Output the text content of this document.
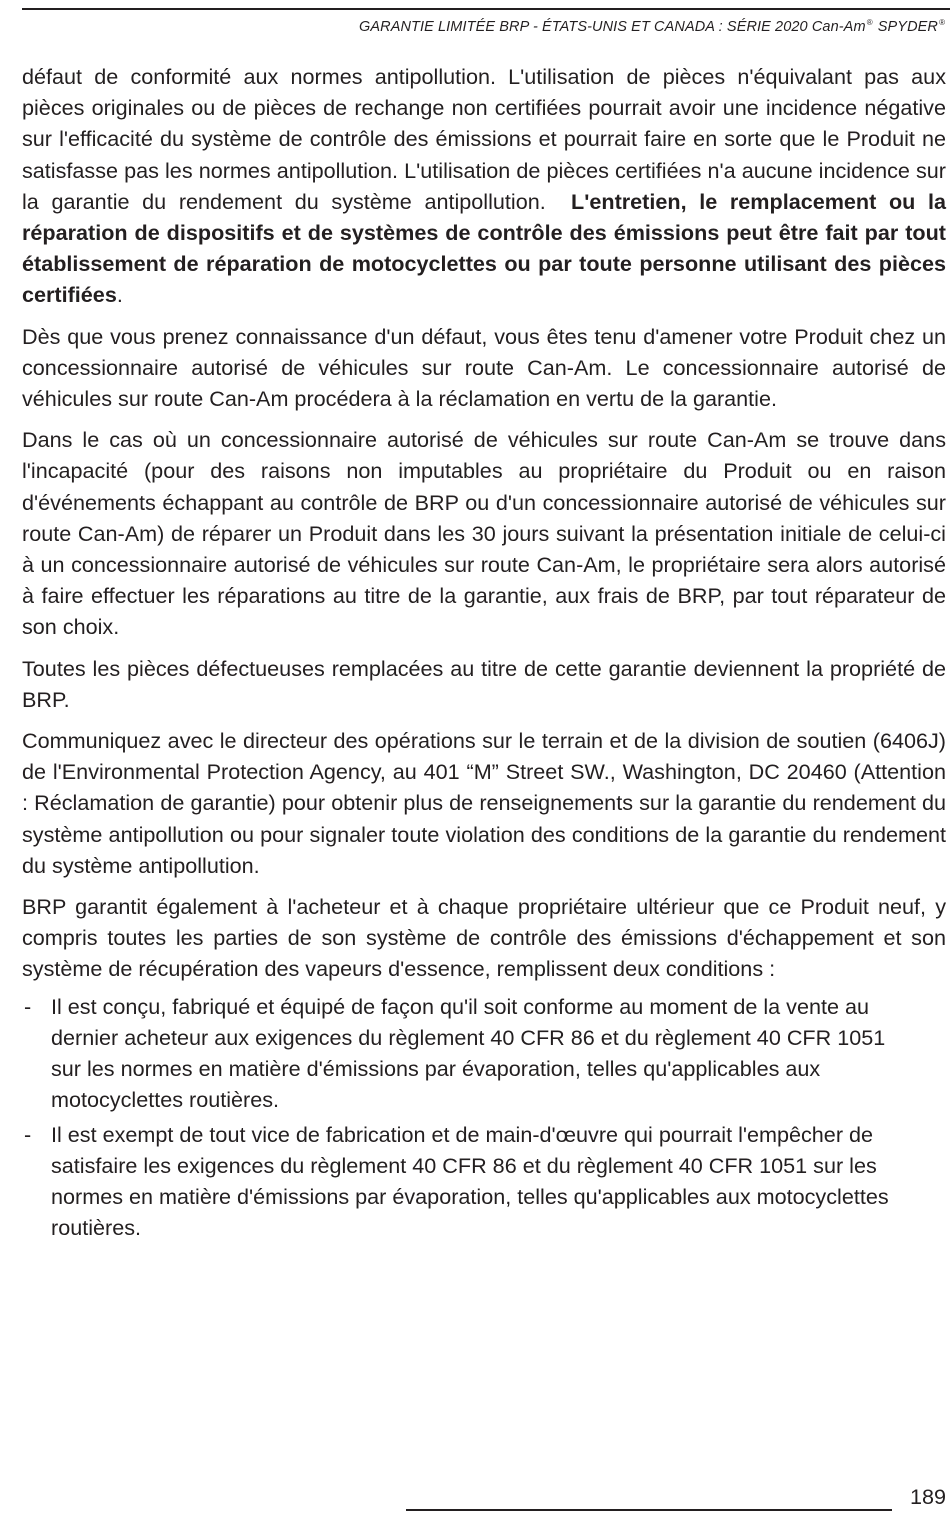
GARANTIE LIMITÉE BRP - ÉTATS-UNIS ET CANADA : SÉRIE 2020 Can-Am® SPYDER®

défaut de conformité aux normes antipollution. L'utilisation de pièces n'équivalant pas aux pièces originales ou de pièces de rechange non certifiées pourrait avoir une incidence négative sur l'efficacité du système de contrôle des émissions et pourrait faire en sorte que le Produit ne satisfasse pas les normes antipollution. L'utilisation de pièces certifiées n'a aucune incidence sur la garantie du rendement du système antipollution. L'entretien, le remplacement ou la réparation de dispositifs et de systèmes de contrôle des émissions peut être fait par tout établissement de réparation de motocyclettes ou par toute personne utilisant des pièces certifiées.

Dès que vous prenez connaissance d'un défaut, vous êtes tenu d'amener votre Produit chez un concessionnaire autorisé de véhicules sur route Can-Am. Le concessionnaire autorisé de véhicules sur route Can-Am procédera à la réclamation en vertu de la garantie.

Dans le cas où un concessionnaire autorisé de véhicules sur route Can-Am se trouve dans l'incapacité (pour des raisons non imputables au propriétaire du Produit ou en raison d'événements échappant au contrôle de BRP ou d'un concessionnaire autorisé de véhicules sur route Can-Am) de réparer un Produit dans les 30 jours suivant la présentation initiale de celui-ci à un concessionnaire autorisé de véhicules sur route Can-Am, le propriétaire sera alors autorisé à faire effectuer les réparations au titre de la garantie, aux frais de BRP, par tout réparateur de son choix.

Toutes les pièces défectueuses remplacées au titre de cette garantie deviennent la propriété de BRP.

Communiquez avec le directeur des opérations sur le terrain et de la division de soutien (6406J) de l'Environmental Protection Agency, au 401 “M” Street SW., Washington, DC 20460 (Attention : Réclamation de garantie) pour obtenir plus de renseignements sur la garantie du rendement du système antipollution ou pour signaler toute violation des conditions de la garantie du rendement du système antipollution.

BRP garantit également à l'acheteur et à chaque propriétaire ultérieur que ce Produit neuf, y compris toutes les parties de son système de contrôle des émissions d'échappement et son système de récupération des vapeurs d'essence, remplissent deux conditions :

- Il est conçu, fabriqué et équipé de façon qu'il soit conforme au moment de la vente au dernier acheteur aux exigences du règlement 40 CFR 86 et du règlement 40 CFR 1051 sur les normes en matière d'émissions par évaporation, telles qu'applicables aux motocyclettes routières.
- Il est exempt de tout vice de fabrication et de main-d'œuvre qui pourrait l'empêcher de satisfaire les exigences du règlement 40 CFR 86 et du règlement 40 CFR 1051 sur les normes en matière d'émissions par évaporation, telles qu'applicables aux motocyclettes routières.
189
